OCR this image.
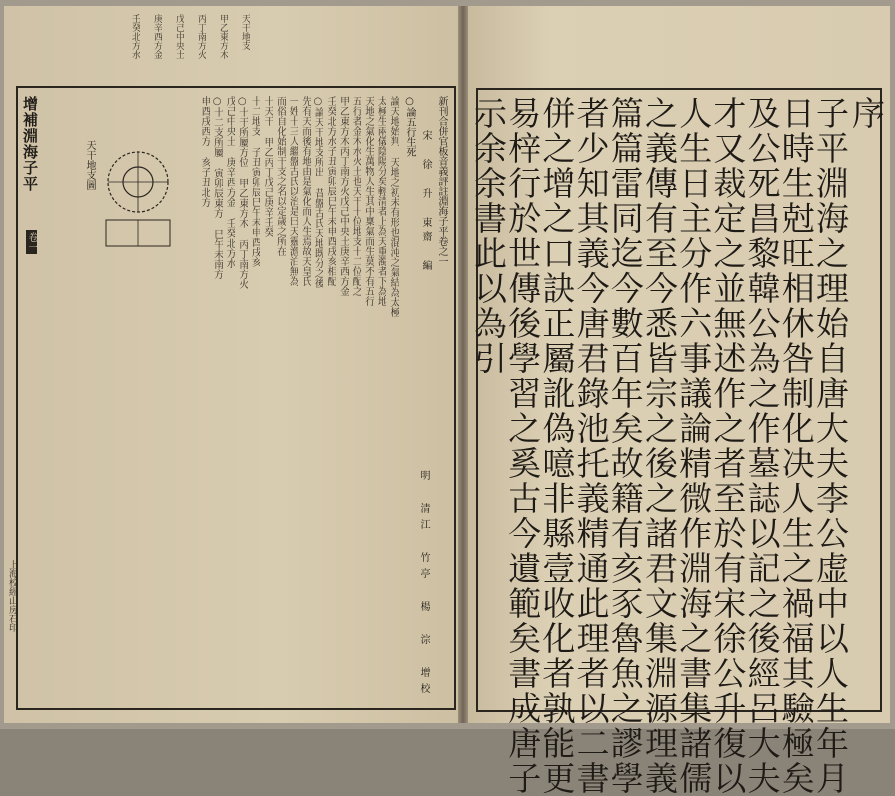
序
子平淵海之理始自唐大夫李公虚中以人生年月
日時生尅旺相休咎制化决人生之禍福其驗極矣
及公死昌黎韓公為之作墓誌以記之後經呂大夫
才又裁定之並無述作之者至於有宋徐公升復以
人生日主分作六事議論精微作淵海之書集諸儒
之義傳有至今悉皆宗之後之諸君文集淵源理義
篇篇雷同迄今數百年矣故籍有亥豕魯魚之謬學
者少知其義今唐君錄池托義精通此理者以二書
併之增之口訣正屬訛偽噫非縣壹收化者孰能更
易梓行於世傳後學習之奚古今遺範矣書成唐子
示余余書此以為引
增補淵海子平
卷一	新刊合併官板音義評註淵海子平卷之一
宋 徐 升 東齋 編
明 清江 竹亭 楊 淙 增校
○論五行生死
論天地始判 天地之初未有形也混沌之氣結為太極
太極生兩儀陰陽分矣輕清者上為天重濁者下為地
天地之氣化生萬物人生其中稟氣而生莫不有五行
五行者金木水火土也天干十位地支十二位配之
甲乙東方木丙丁南方火戊己中央土庚辛西方金
壬癸北方水子丑寅卯辰巳午未申酉戌亥相配
○論天干地支所出 昔盤古氏天地既分之後
先有天而後有地由是氣化而人生焉故天皇氏
一姓十三人繼盤古氏以治是曰天靈澹泊無為
而俗自化始制干支之名以定歲之所在
十天干 甲乙丙丁戊己庚辛壬癸
十二地支 子丑寅卯辰巳午未申酉戌亥
○十干所屬方位 甲乙東方木 丙丁南方火
戊己中央土 庚辛西方金 壬癸北方水
○十二支所屬 寅卯辰東方 巳午未南方
申酉戌西方 亥子丑北方
天干地支
甲乙東方木
丙丁南方火
戊己中央土
庚辛西方金
壬癸北方水
天干地支圖
上海校經山房石印
